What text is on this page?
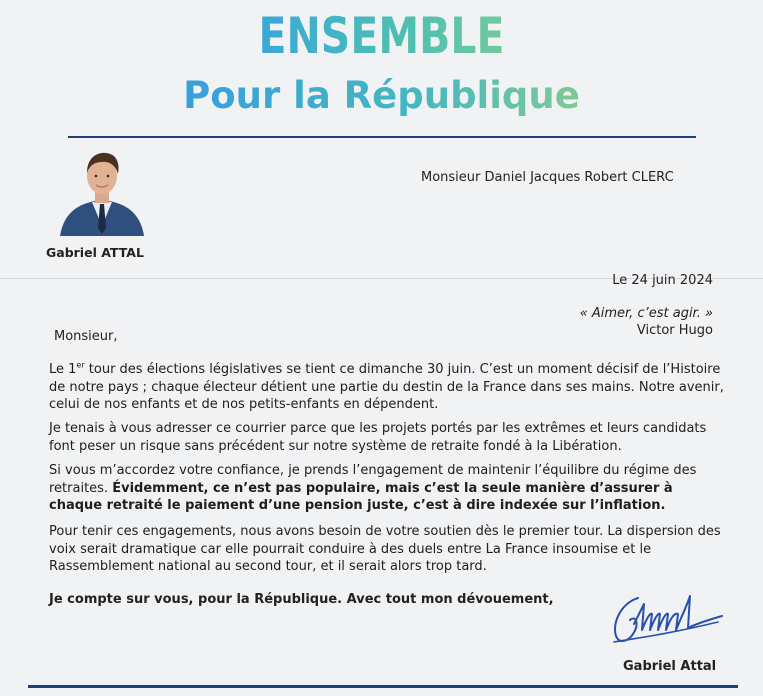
ENSEMBLE
Pour la République
Gabriel ATTAL
Monsieur Daniel Jacques Robert CLERC
Le 24 juin 2024
« Aimer, c’est agir. »
Victor Hugo
Monsieur,
Le 1er tour des élections législatives se tient ce dimanche 30 juin. C’est un moment décisif de l’Histoire de notre pays ; chaque électeur détient une partie du destin de la France dans ses mains. Notre avenir, celui de nos enfants et de nos petits-enfants en dépendent.
Je tenais à vous adresser ce courrier parce que les projets portés par les extrêmes et leurs candidats font peser un risque sans précédent sur notre système de retraite fondé à la Libération.
Si vous m’accordez votre confiance, je prends l’engagement de maintenir l’équilibre du régime des retraites. Évidemment, ce n’est pas populaire, mais c’est la seule manière d’assurer à chaque retraité le paiement d’une pension juste, c’est à dire indexée sur l’inflation.
Pour tenir ces engagements, nous avons besoin de votre soutien dès le premier tour. La dispersion des voix serait dramatique car elle pourrait conduire à des duels entre La France insoumise et le Rassemblement national au second tour, et il serait alors trop tard.
Je compte sur vous, pour la République. Avec tout mon dévouement,
Gabriel Attal
